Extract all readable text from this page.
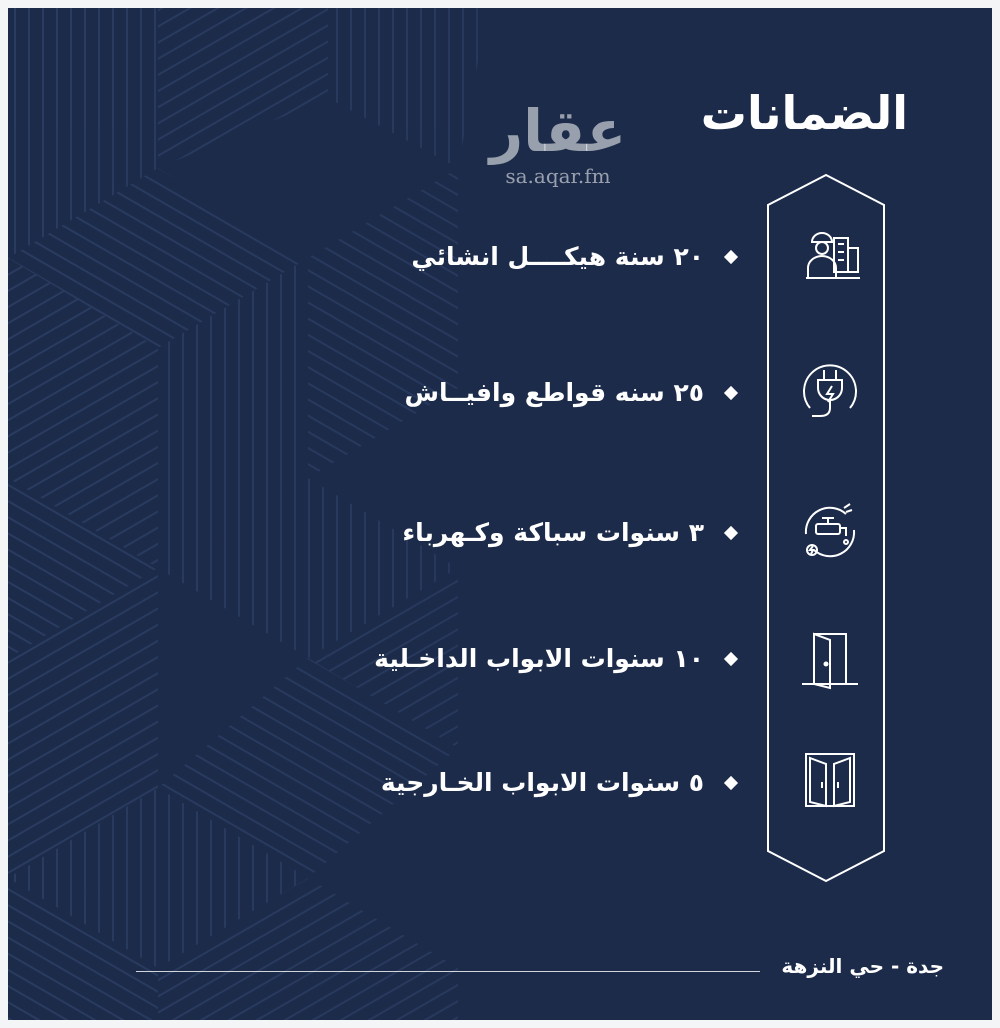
الضمانات
عقار
sa.aqar.fm
٢٠ سنة هيكــــل انشائي
٢٥ سنه قواطع وافيــاش
٣ سنوات سباكة وكـهرباء
١٠ سنوات الابواب الداخـلية
٥ سنوات الابواب الخـارجية
جدة - حي النزهة
